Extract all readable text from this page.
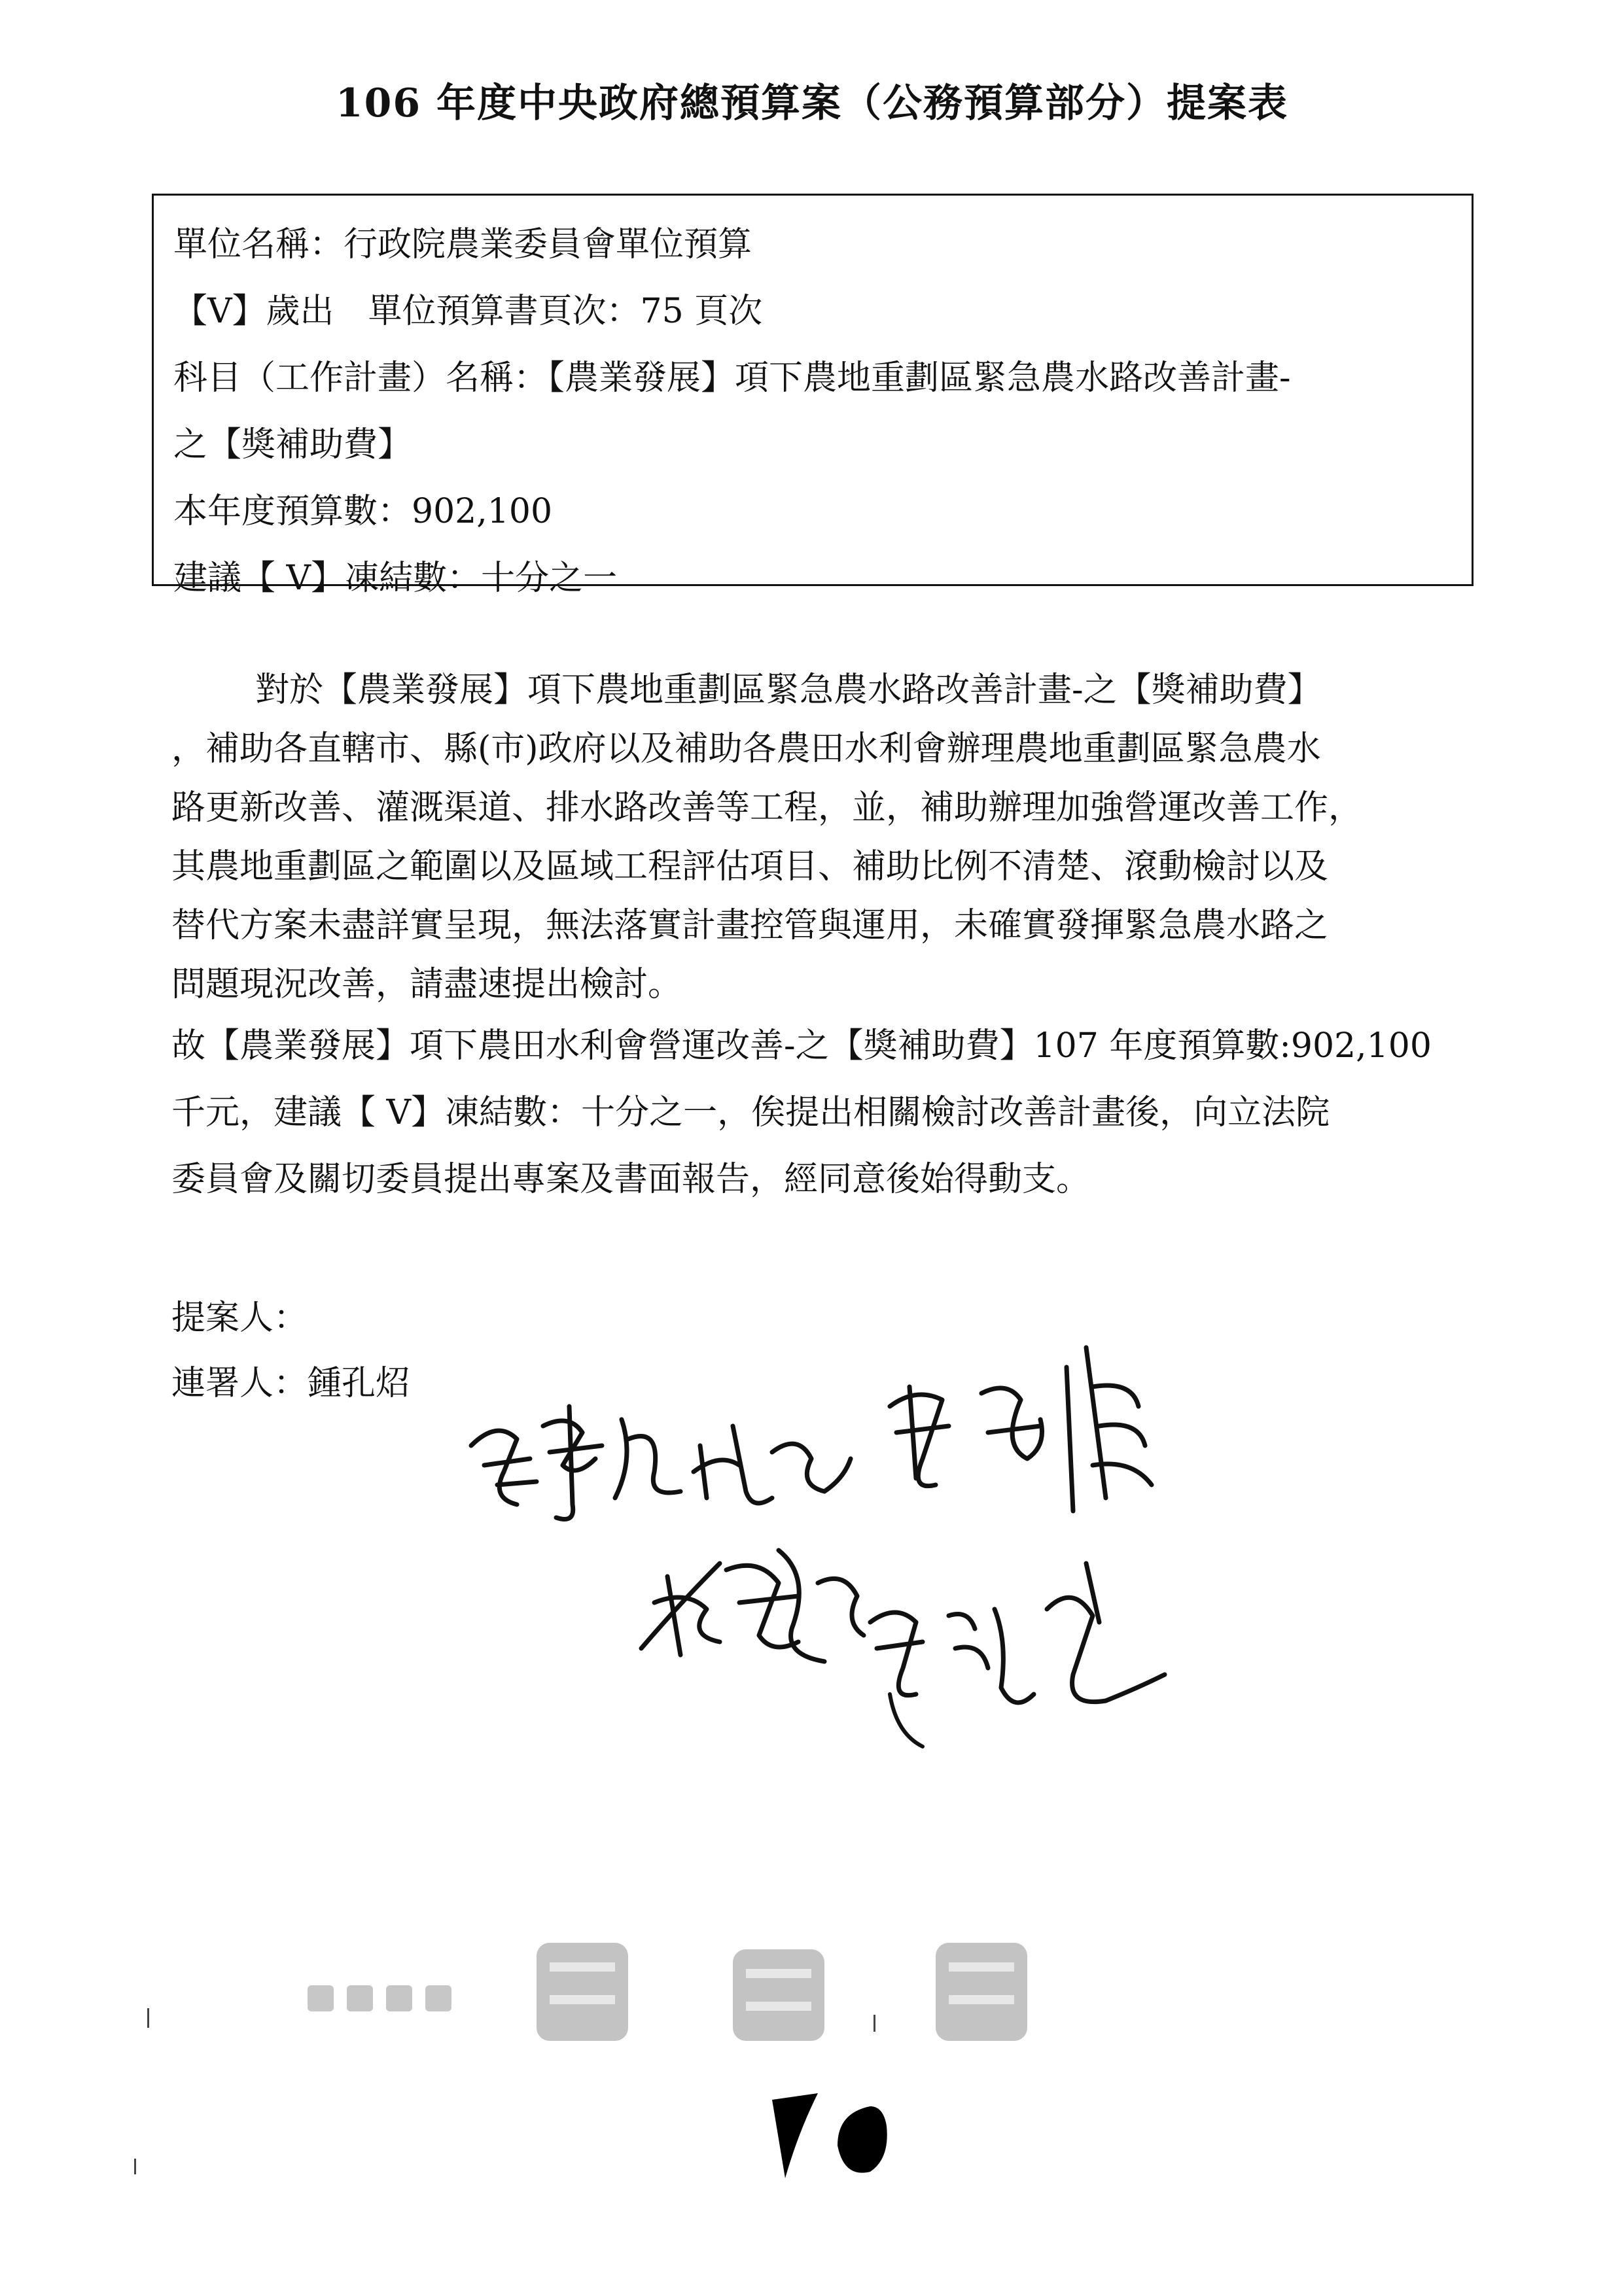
106 年度中央政府總預算案（公務預算部分）提案表
單位名稱：行政院農業委員會單位預算
【V】歲出　單位預算書頁次：75 頁次
科目（工作計畫）名稱：【農業發展】項下農地重劃區緊急農水路改善計畫-
之【獎補助費】
本年度預算數：902,100
建議【 V】凍結數：十分之一

對於【農業發展】項下農地重劃區緊急農水路改善計畫-之【獎補助費】

，補助各直轄市、縣(市)政府以及補助各農田水利會辦理農地重劃區緊急農水

路更新改善、灌溉渠道、排水路改善等工程，並，補助辦理加強營運改善工作，

其農地重劃區之範圍以及區域工程評估項目、補助比例不清楚、滾動檢討以及

替代方案未盡詳實呈現，無法落實計畫控管與運用，未確實發揮緊急農水路之

問題現況改善，請盡速提出檢討。

故【農業發展】項下農田水利會營運改善-之【獎補助費】107 年度預算數:902,100

千元，建議【 V】凍結數：十分之一，俟提出相關檢討改善計畫後，向立法院

委員會及關切委員提出專案及書面報告，經同意後始得動支。

提案人：
連署人：鍾孔炤
